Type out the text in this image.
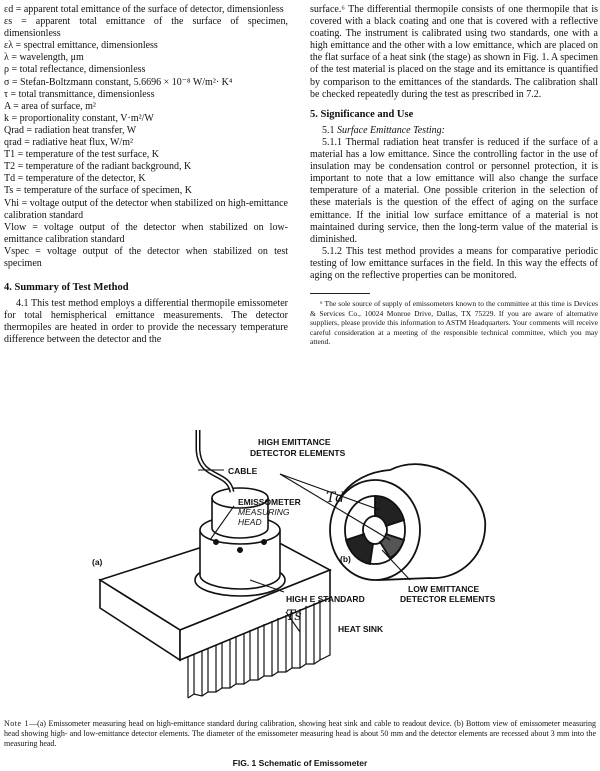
εd = apparent total emittance of the surface of detector, dimensionless
εs = apparent total emittance of the surface of specimen, dimensionless
ελ = spectral emittance, dimensionless
λ = wavelength, μm
ρ = total reflectance, dimensionless
σ = Stefan-Boltzmann constant, 5.6696 × 10⁻⁸ W/m²· K⁴
τ = total transmittance, dimensionless
A = area of surface, m²
k = proportionality constant, V·m²/W
Qrad = radiation heat transfer, W
qrad = radiative heat flux, W/m²
T1 = temperature of the test surface, K
T2 = temperature of the radiant background, K
Td = temperature of the detector, K
Ts = temperature of the surface of specimen, K
Vhi = voltage output of the detector when stabilized on high-emittance calibration standard
Vlow = voltage output of the detector when stabilized on low-emittance calibration standard
Vspec = voltage output of the detector when stabilized on test specimen
4. Summary of Test Method

4.1 This test method employs a differential thermopile emissometer for total hemispherical emittance measurements. The detector thermopiles are heated in order to provide the necessary temperature difference between the detector and the

surface.⁶ The differential thermopile consists of one thermopile that is covered with a black coating and one that is covered with a reflective coating. The instrument is calibrated using two standards, one with a high emittance and the other with a low emittance, which are placed on the flat surface of a heat sink (the stage) as shown in Fig. 1. A specimen of the test material is placed on the stage and its emittance is quantified by comparison to the emittances of the standards. The calibration shall be checked repeatedly during the test as prescribed in 7.2.

5. Significance and Use

5.1 Surface Emittance Testing:

5.1.1 Thermal radiation heat transfer is reduced if the surface of a material has a low emittance. Since the controlling factor in the use of insulation may be condensation control or personnel protection, it is important to note that a low emittance will also change the surface temperature of a material. One possible criterion in the selection of these materials is the question of the effect of aging on the surface emittance. If the initial low surface emittance of a material is not maintained during service, then the long-term value of the material is diminished.

5.1.2 This test method provides a means for comparative periodic testing of low emittance surfaces in the field. In this way the effects of aging on the reflective properties can be monitored.

⁶ The sole source of supply of emissometers known to the committee at this time is Devices & Services Co., 10024 Monroe Drive, Dallas, TX 75229. If you are aware of alternative suppliers, please provide this information to ASTM Headquarters. Your comments will receive careful consideration at a meeting of the responsible technical committee, which you may attend.

HIGH EMITTANCE
DETECTOR ELEMENTS
CABLE
EMISSOMETER
MEASURING
HEAD
(a)	(b)
Td
HIGH E STANDARD
Ts
HEAT SINK
LOW EMITTANCE
DETECTOR ELEMENTS
Note 1—(a) Emissometer measuring head on high-emittance standard during calibration, showing heat sink and cable to readout device. (b) Bottom view of emissometer measuring head showing high- and low-emittance detector elements. The diameter of the emissometer measuring head is about 50 mm and the detector elements are recessed about 3 mm into the measuring head.
FIG. 1 Schematic of Emissometer
